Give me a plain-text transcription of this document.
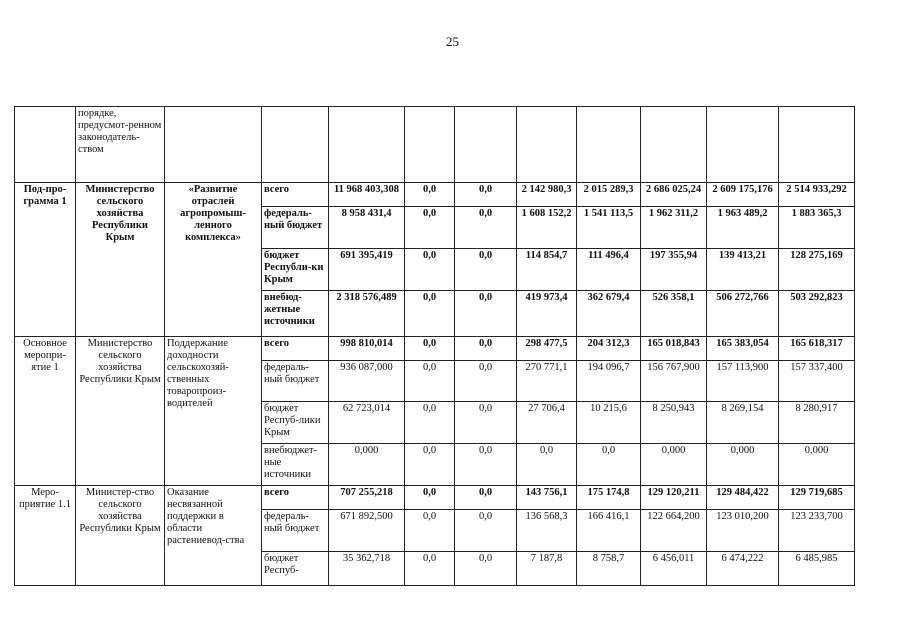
25
	порядке, предусмот-ренном законодатель-ством										
Под-про-грамма 1	Министерство сельского хозяйства Республики Крым	«Развитие отраслей агропромыш-ленного комплекса»	всего	11 968 403,308	0,0	0,0	2 142 980,3	2 015 289,3	2 686 025,24	2 609 175,176	2 514 933,292
			федераль-ный бюджет	8 958 431,4	0,0	0,0	1 608 152,2	1 541 113,5	1 962 311,2	1 963 489,2	1 883 365,3
			бюджет Республи-ки Крым	691 395,419	0,0	0,0	114 854,7	111 496,4	197 355,94	139 413,21	128 275,169
			внебюд-жетные источники	2 318 576,489	0,0	0,0	419 973,4	362 679,4	526 358,1	506 272,766	503 292,823
Основное меропри-ятие 1	Министерство сельского хозяйства Республики Крым	Поддержание доходности сельскохозяй-ственных товаропроиз-водителей	всего	998 810,014	0,0	0,0	298 477,5	204 312,3	165 018,843	165 383,054	165 618,317
			федераль-ный бюджет	936 087,000	0,0	0,0	270 771,1	194 096,7	156 767,900	157 113,900	157 337,400
			бюджет Респуб-лики Крым	62 723,014	0,0	0,0	27 706,4	10 215,6	8 250,943	8 269,154	8 280,917
			внебюджет-ные источники	0,000	0,0	0,0	0,0	0,0	0,000	0,000	0,000
Меро-приятие 1.1	Министер-ство сельского хозяйства Республики Крым	Оказание несвязанной поддержки в области растениевод-ства	всего	707 255,218	0,0	0,0	143 756,1	175 174,8	129 120,211	129 484,422	129 719,685
			федераль-ный бюджет	671 892,500	0,0	0,0	136 568,3	166 416,1	122 664,200	123 010,200	123 233,700
			бюджет Респуб-	35 362,718	0,0	0,0	7 187,8	8 758,7	6 456,011	6 474,222	6 485,985
